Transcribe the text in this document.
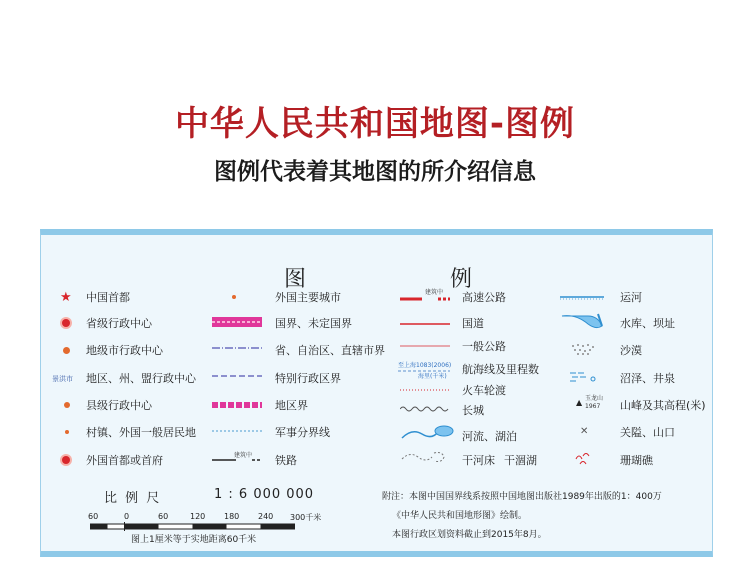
中华人民共和国地图-图例
图例代表着其地图的所介绍信息
图	例
★ 中国首都
省级行政中心
地级市行政中心
景洪市 地区、州、盟行政中心
县级行政中心
村镇、外国一般居民地
外国首都或首府
外国主要城市
国界、未定国界
省、自治区、直辖市界
特别行政区界
地区界
军事分界线
建筑中 铁路
建筑中 高速公路
国道
一般公路
至上海1083(2006)
海里(千米)
航海线及里程数
火车轮渡
长城
河流、湖泊
干河床 干涸湖
运河
水库、坝址
沙漠
沼泽、井泉
▲ 玉龙山
1967 山峰及其高程(米)
✕	关隘、山口
珊瑚礁
比 例 尺	1 : 6 000 000
60	0	60	120 180 240 300千米
图上1厘米等于实地距离60千米
附注：本图中国国界线系按照中国地图出版社1989年出版的1：400万
《中华人民共和国地形图》绘制。
本图行政区划资料截止到2015年8月。
